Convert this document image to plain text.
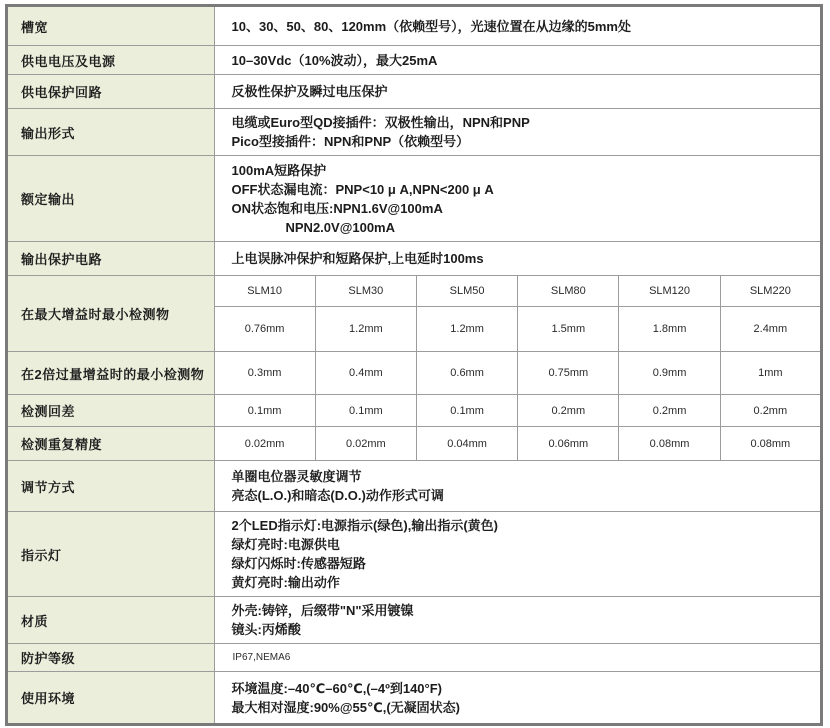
槽宽	10、30、50、80、120mm（依赖型号），光速位置在从边缘的5mm处					

供电电压及电源	10–30Vdc（10%波动），最大25mA					

供电保护回路	反极性保护及瞬过电压保护					

输出形式	电缆或Euro型QD接插件：双极性输出，NPN和PNP
Pico型接插件：NPN和PNP（依赖型号）					

额定输出	100mA短路保护
OFF状态漏电流：PNP<10 μ A,NPN<200 μ A
ON状态饱和电压:NPN1.6V@100mA
NPN2.0V@100mA					

输出保护电路	上电误脉冲保护和短路保护,上电延时100ms					

在最大增益时最小检测物	SLM10	SLM30	SLM50	SLM80	SLM120	SLM220
	0.76mm	1.2mm	1.2mm	1.5mm	1.8mm	2.4mm
在2倍过量增益时的最小检测物	0.3mm	0.4mm	0.6mm	0.75mm	0.9mm	1mm
检测回差	0.1mm	0.1mm	0.1mm	0.2mm	0.2mm	0.2mm
检测重复精度	0.02mm	0.02mm	0.04mm	0.06mm	0.08mm	0.08mm
调节方式	单圈电位器灵敏度调节
亮态(L.O.)和暗态(D.O.)动作形式可调					

指示灯	2个LED指示灯:电源指示(绿色),输出指示(黄色)
绿灯亮时:电源供电
绿灯闪烁时:传感器短路
黄灯亮时:输出动作					

材质	外壳:铸锌，后缀带"N"采用镀镍
镜头:丙烯酸					

防护等级	IP67,NEMA6					

使用环境	环境温度:–40℃–60℃,(–4º到140°F)
最大相对湿度:90%@55℃,(无凝固状态)					
